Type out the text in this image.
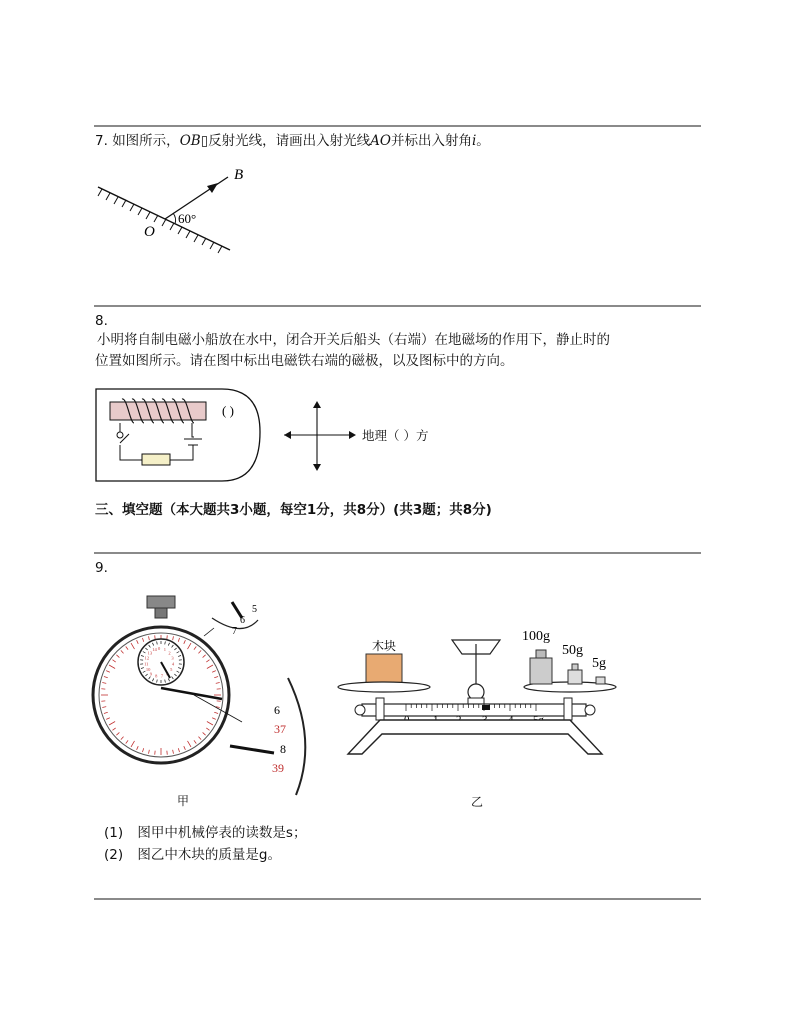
7. 如图所示，OB▯反射光线，请画出入射光线AO并标出入射角i。
B
O
60°
8.
小明将自制电磁小船放在水中，闭合开关后船头（右端）在地磁场的作用下，静止时的
位置如图所示。请在图中标出电磁铁右端的磁极，以及图标中的方向。
( )
地理（ ）方
三、填空题（本大题共3小题，每空1分，共8分）(共3题；共8分)
9.
0
14
13
12
11
10
9 8 7
5
4
3
2
1
5
6
7
6
37
8
39
木块
100g
50g
5g
甲	乙
(1) 图甲中机械停表的读数是s；
(2) 图乙中木块的质量是g。
